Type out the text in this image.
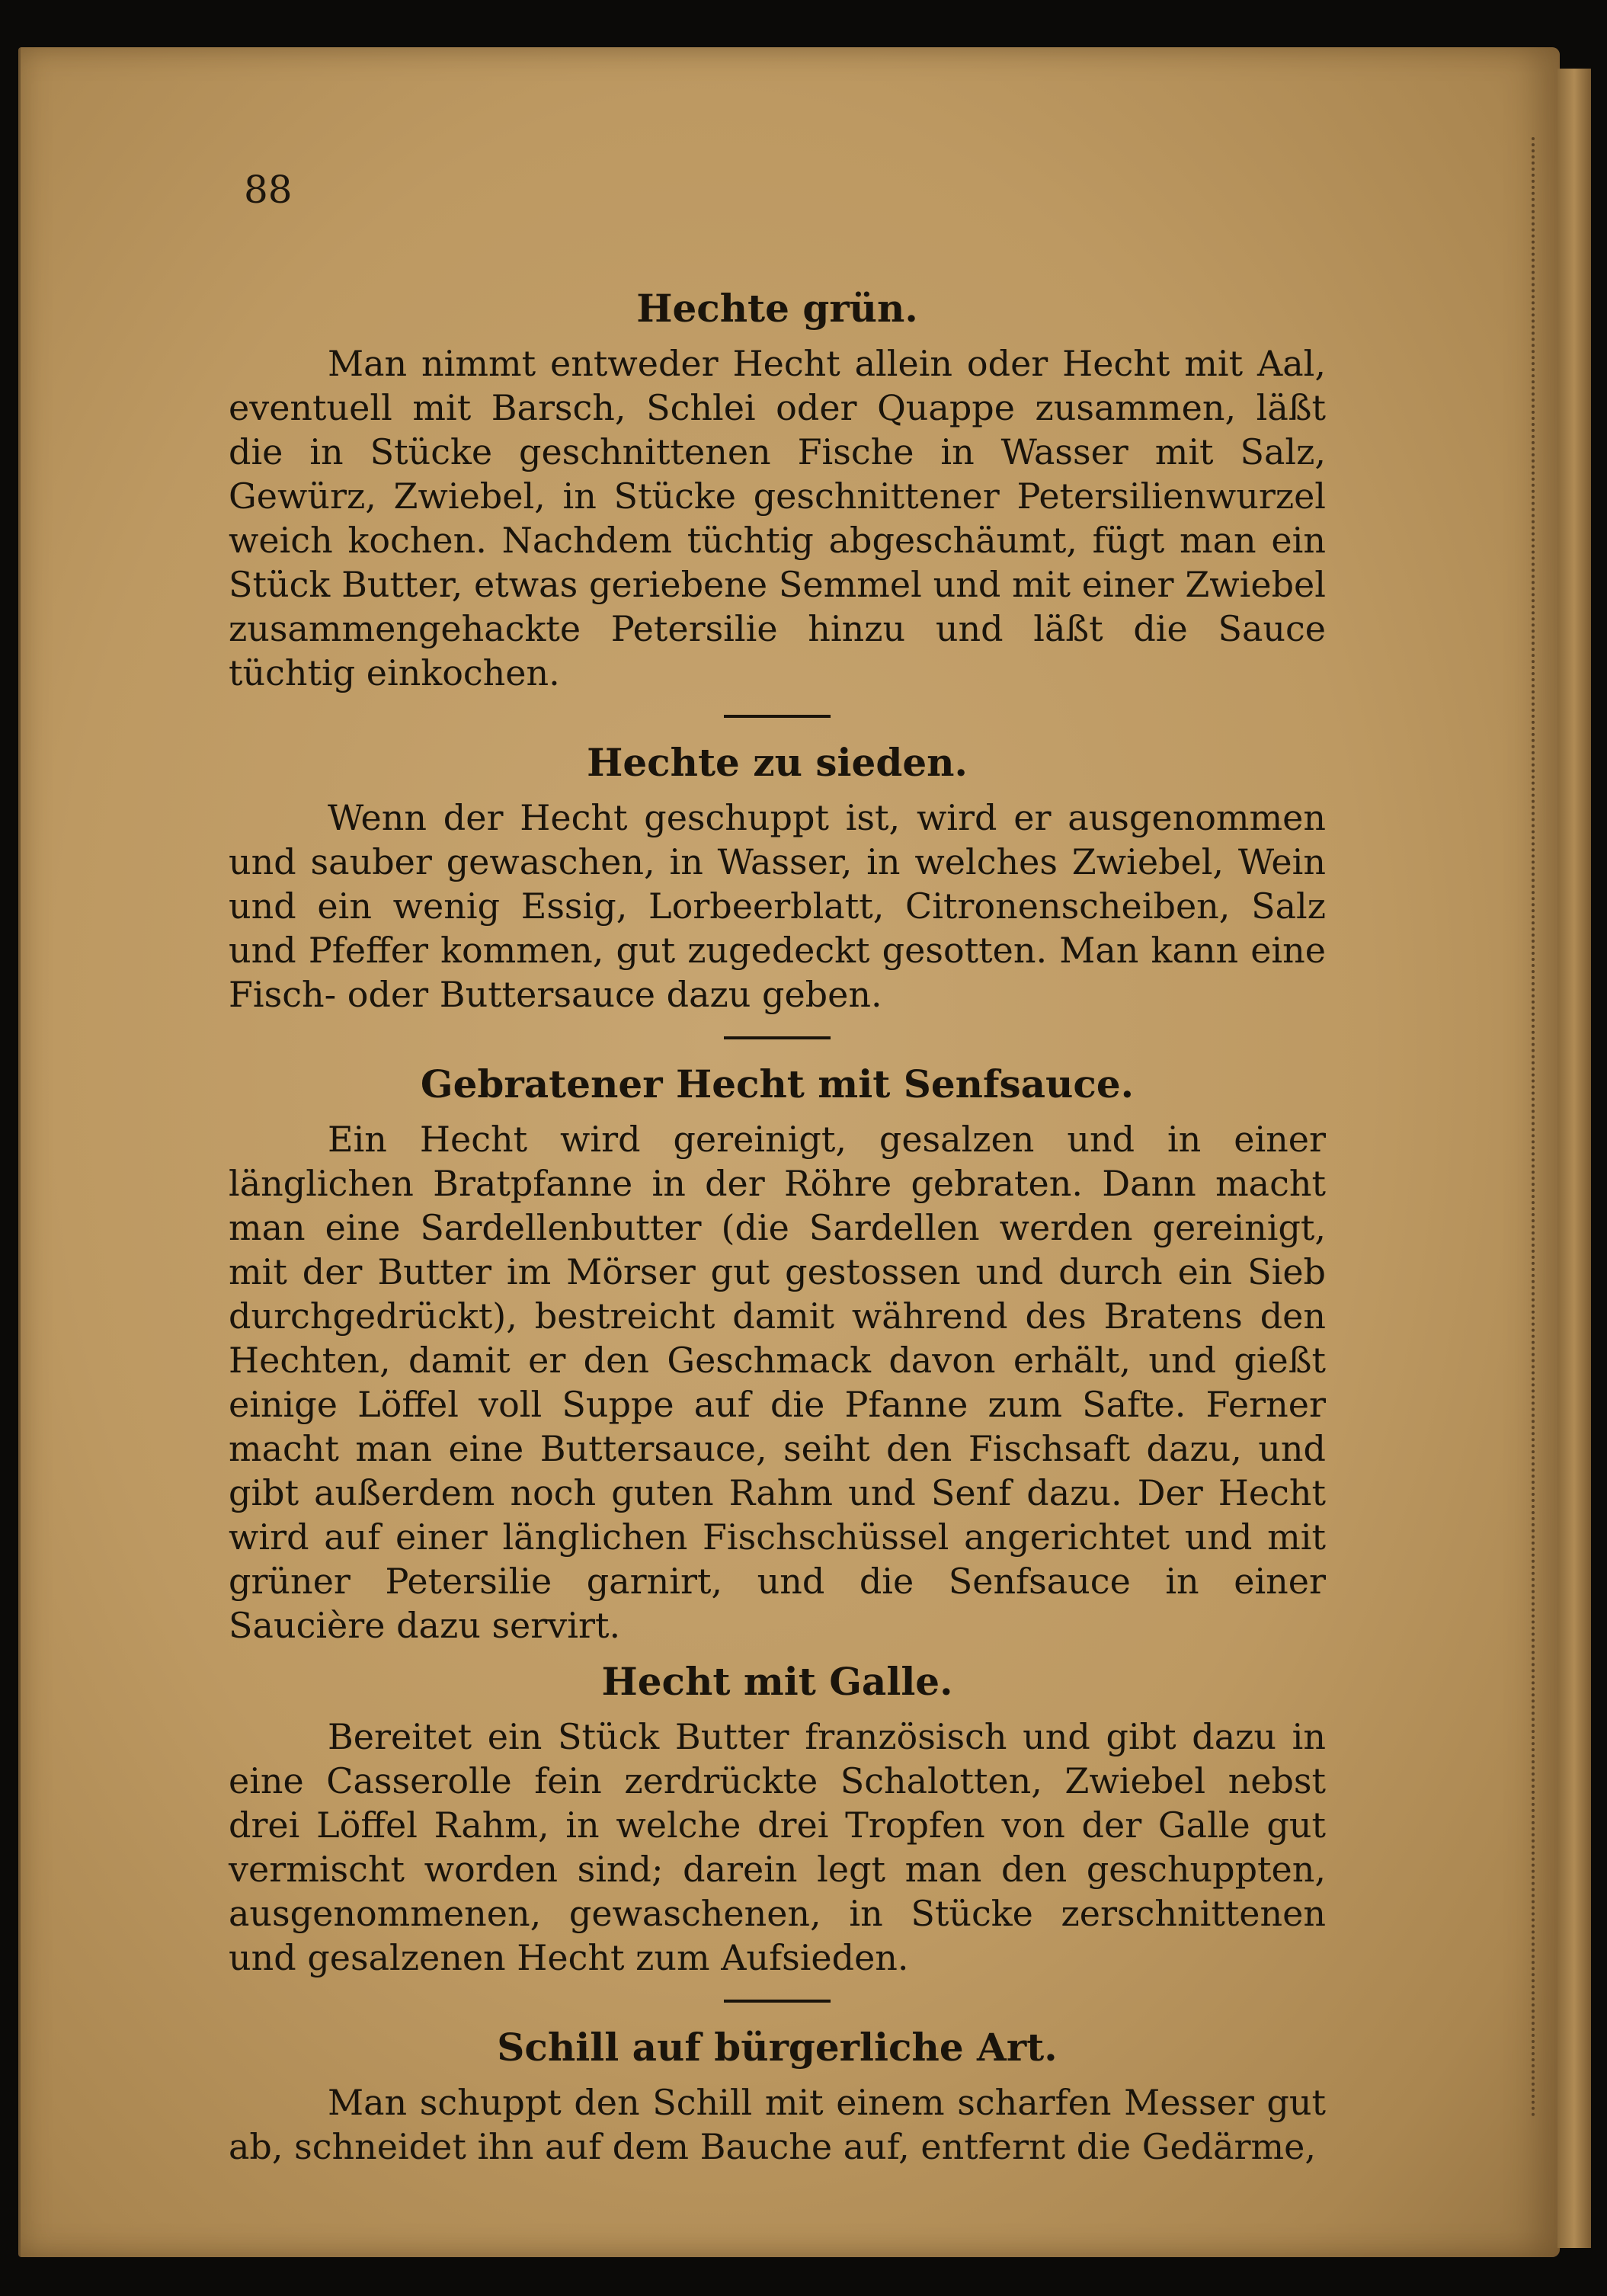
88
Hechte grün.

Man nimmt entweder Hecht allein oder Hecht mit Aal, eventuell mit Barsch, Schlei oder Quappe zusammen, läßt die in Stücke geschnittenen Fische in Wasser mit Salz, Gewürz, Zwiebel, in Stücke geschnittener Petersilienwurzel weich kochen. Nachdem tüchtig abgeschäumt, fügt man ein Stück Butter, etwas geriebene Semmel und mit einer Zwiebel zusammengehackte Petersilie hinzu und läßt die Sauce tüchtig einkochen.

Hechte zu sieden.

Wenn der Hecht geschuppt ist, wird er ausgenommen und sauber gewaschen, in Wasser, in welches Zwiebel, Wein und ein wenig Essig, Lorbeerblatt, Citronenscheiben, Salz und Pfeffer kommen, gut zugedeckt gesotten. Man kann eine Fisch- oder Buttersauce dazu geben.

Gebratener Hecht mit Senfsauce.

Ein Hecht wird gereinigt, gesalzen und in einer länglichen Bratpfanne in der Röhre gebraten. Dann macht man eine Sardellenbutter (die Sardellen werden gereinigt, mit der Butter im Mörser gut gestossen und durch ein Sieb durchgedrückt), bestreicht damit während des Bratens den Hechten, damit er den Geschmack davon erhält, und gießt einige Löffel voll Suppe auf die Pfanne zum Safte. Ferner macht man eine Buttersauce, seiht den Fischsaft dazu, und gibt außerdem noch guten Rahm und Senf dazu. Der Hecht wird auf einer länglichen Fischschüssel angerichtet und mit grüner Petersilie garnirt, und die Senfsauce in einer Saucière dazu servirt.

Hecht mit Galle.

Bereitet ein Stück Butter französisch und gibt dazu in eine Casserolle fein zerdrückte Schalotten, Zwiebel nebst drei Löffel Rahm, in welche drei Tropfen von der Galle gut vermischt worden sind; darein legt man den geschuppten, ausgenommenen, gewaschenen, in Stücke zerschnittenen und gesalzenen Hecht zum Aufsieden.

Schill auf bürgerliche Art.

Man schuppt den Schill mit einem scharfen Messer gut ab, schneidet ihn auf dem Bauche auf, entfernt die Gedärme,
